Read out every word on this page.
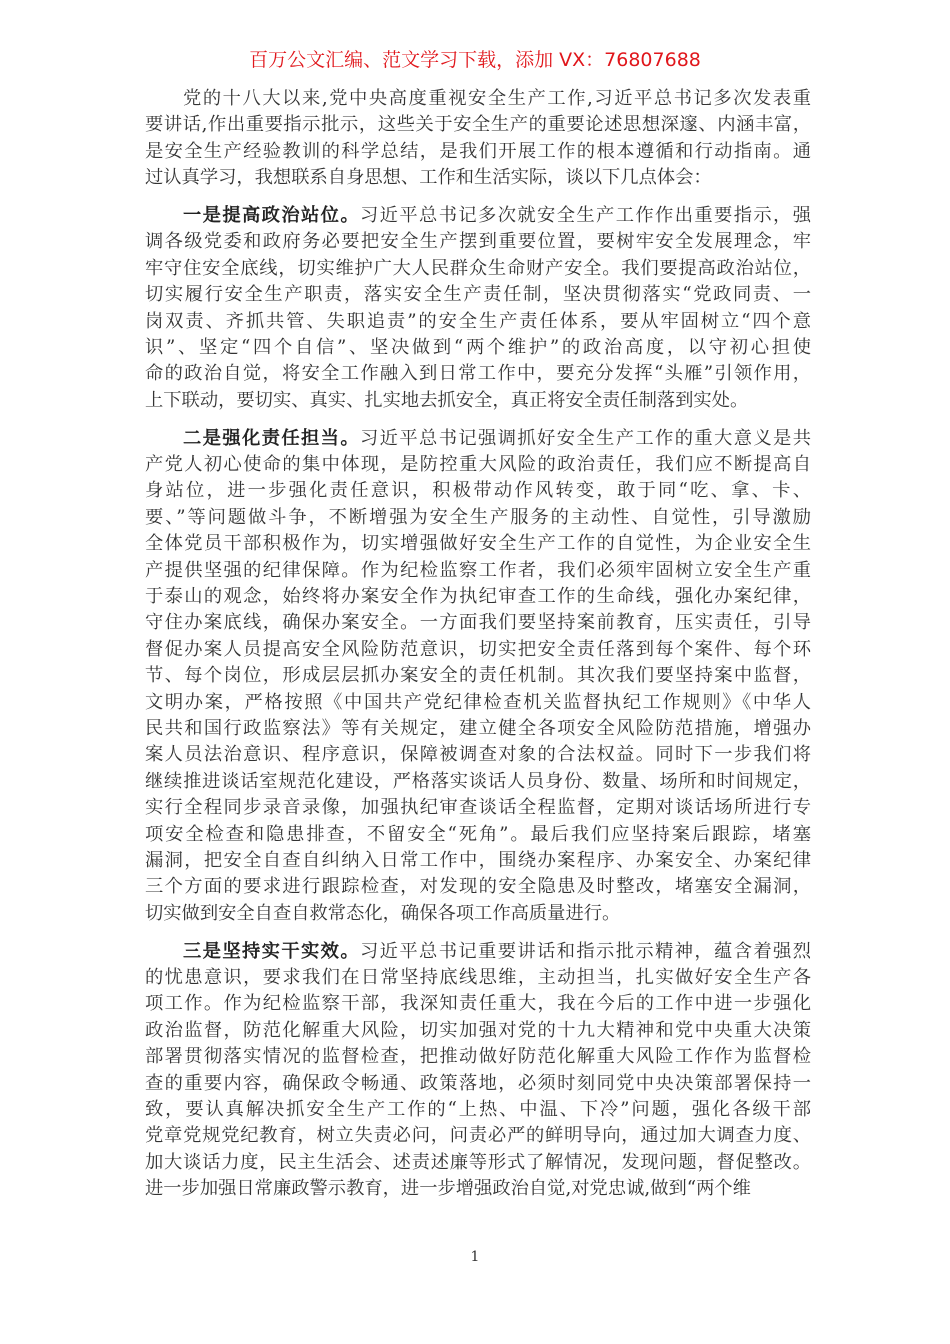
百万公文汇编、范文学习下载，添加 VX：76807688
党的十八大以来,党中央高度重视安全生产工作,习近平总书记多次发表重
要讲话,作出重要指示批示，这些关于安全生产的重要论述思想深邃、内涵丰富，
是安全生产经验教训的科学总结，是我们开展工作的根本遵循和行动指南。通
过认真学习，我想联系自身思想、工作和生活实际，谈以下几点体会：
一是提高政治站位。习近平总书记多次就安全生产工作作出重要指示，强
调各级党委和政府务必要把安全生产摆到重要位置，要树牢安全发展理念，牢
牢守住安全底线，切实维护广大人民群众生命财产安全。我们要提高政治站位，
切实履行安全生产职责，落实安全生产责任制，坚决贯彻落实“党政同责、一
岗双责、齐抓共管、失职追责”的安全生产责任体系，要从牢固树立“四个意
识”、坚定“四个自信”、坚决做到“两个维护”的政治高度，以守初心担使
命的政治自觉，将安全工作融入到日常工作中，要充分发挥“头雁”引领作用，
上下联动，要切实、真实、扎实地去抓安全，真正将安全责任制落到实处。
二是强化责任担当。习近平总书记强调抓好安全生产工作的重大意义是共
产党人初心使命的集中体现，是防控重大风险的政治责任，我们应不断提高自
身站位，进一步强化责任意识，积极带动作风转变，敢于同“吃、拿、卡、
要、”等问题做斗争，不断增强为安全生产服务的主动性、自觉性，引导激励
全体党员干部积极作为，切实增强做好安全生产工作的自觉性，为企业安全生
产提供坚强的纪律保障。作为纪检监察工作者，我们必须牢固树立安全生产重
于泰山的观念，始终将办案安全作为执纪审查工作的生命线，强化办案纪律，
守住办案底线，确保办案安全。一方面我们要坚持案前教育，压实责任，引导
督促办案人员提高安全风险防范意识，切实把安全责任落到每个案件、每个环
节、每个岗位，形成层层抓办案安全的责任机制。其次我们要坚持案中监督，
文明办案，严格按照《中国共产党纪律检查机关监督执纪工作规则》《中华人
民共和国行政监察法》等有关规定，建立健全各项安全风险防范措施，增强办
案人员法治意识、程序意识，保障被调查对象的合法权益。同时下一步我们将
继续推进谈话室规范化建设，严格落实谈话人员身份、数量、场所和时间规定，
实行全程同步录音录像，加强执纪审查谈话全程监督，定期对谈话场所进行专
项安全检查和隐患排查，不留安全“死角”。最后我们应坚持案后跟踪，堵塞
漏洞，把安全自查自纠纳入日常工作中，围绕办案程序、办案安全、办案纪律
三个方面的要求进行跟踪检查，对发现的安全隐患及时整改，堵塞安全漏洞，
切实做到安全自查自救常态化，确保各项工作高质量进行。
三是坚持实干实效。习近平总书记重要讲话和指示批示精神，蕴含着强烈
的忧患意识，要求我们在日常坚持底线思维，主动担当，扎实做好安全生产各
项工作。作为纪检监察干部，我深知责任重大，我在今后的工作中进一步强化
政治监督，防范化解重大风险，切实加强对党的十九大精神和党中央重大决策
部署贯彻落实情况的监督检查，把推动做好防范化解重大风险工作作为监督检
查的重要内容，确保政令畅通、政策落地，必须时刻同党中央决策部署保持一
致，要认真解决抓安全生产工作的“上热、中温、下冷”问题，强化各级干部
党章党规党纪教育，树立失责必问，问责必严的鲜明导向，通过加大调查力度、
加大谈话力度，民主生活会、述责述廉等形式了解情况，发现问题，督促整改。
进一步加强日常廉政警示教育，进一步增强政治自觉,对党忠诚,做到“两个维
1
